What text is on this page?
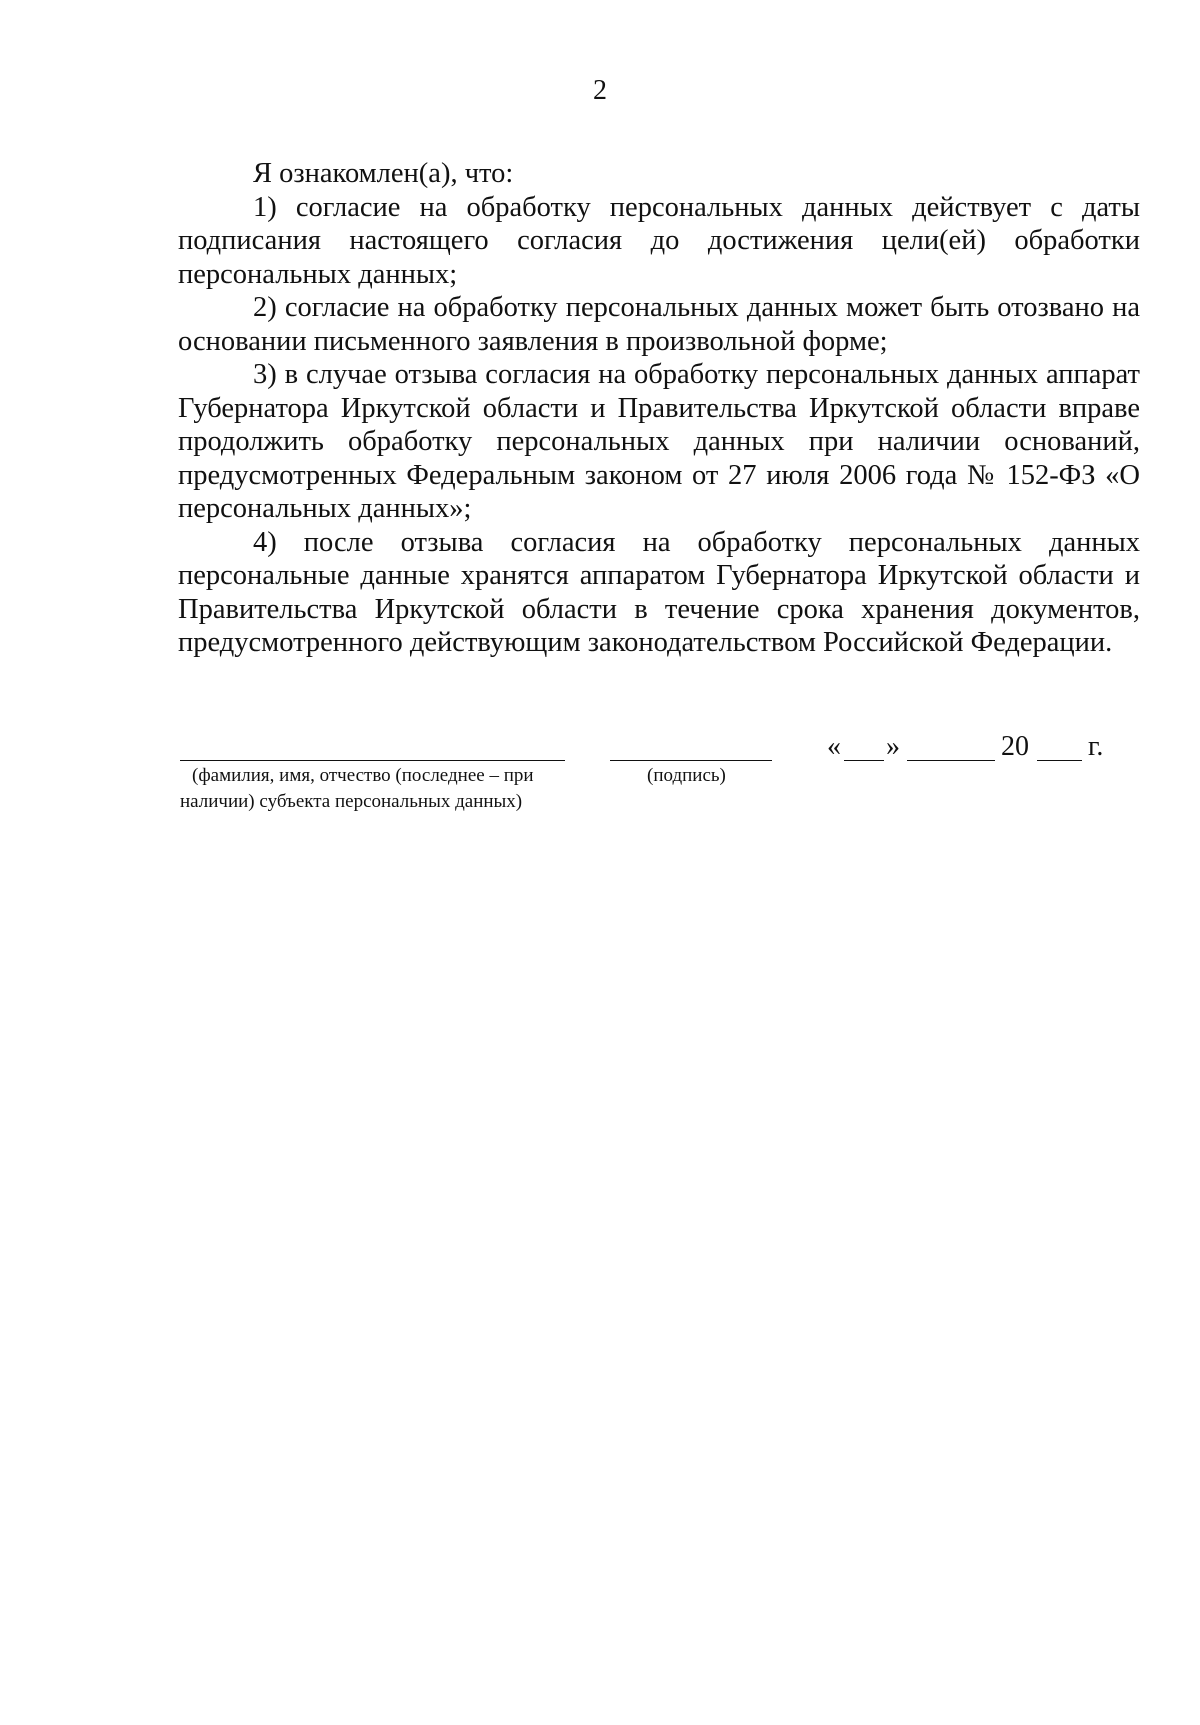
2

Я ознакомлен(а), что:

1) согласие на обработку персональных данных действует с даты подписания настоящего согласия до достижения цели(ей) обработки персональных данных;

2) согласие на обработку персональных данных может быть отозвано на основании письменного заявления в произвольной форме;

3) в случае отзыва согласия на обработку персональных данных аппарат Губернатора Иркутской области и Правительства Иркутской области вправе продолжить обработку персональных данных при наличии оснований, предусмотренных Федеральным законом от 27 июля 2006 года № 152-ФЗ «О персональных данных»;

4) после отзыва согласия на обработку персональных данных персональные данные хранятся аппаратом Губернатора Иркутской области и Правительства Иркутской области в течение срока хранения документов, предусмотренного действующим законодательством Российской Федерации.

(фамилия, имя, отчество (последнее – при
наличии) субъекта персональных данных)
(подпись)
« »	20 г.
